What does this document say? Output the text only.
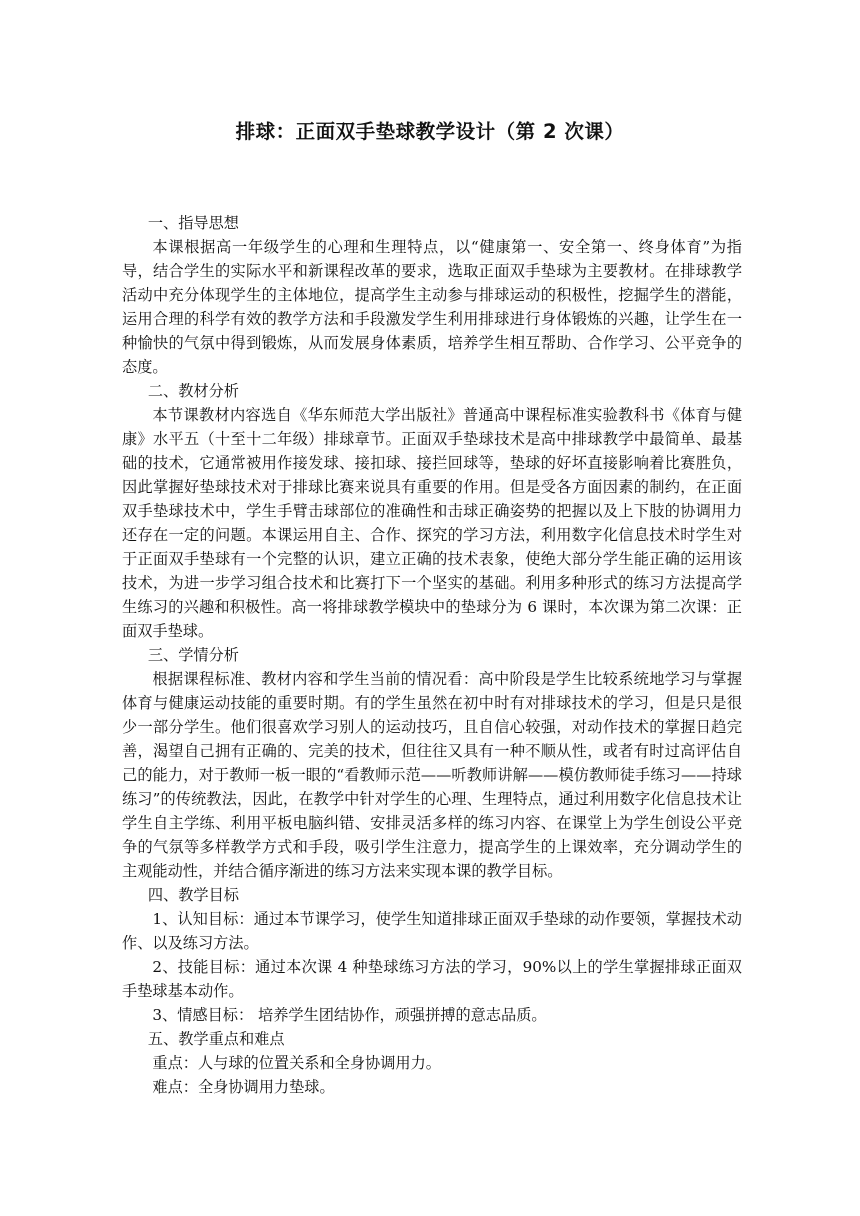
排球：正面双手垫球教学设计（第 2 次课）

一、指导思想

本课根据高一年级学生的心理和生理特点，以“健康第一、安全第一、终身体育”为指导，结合学生的实际水平和新课程改革的要求，选取正面双手垫球为主要教材。在排球教学活动中充分体现学生的主体地位，提高学生主动参与排球运动的积极性，挖掘学生的潜能，运用合理的科学有效的教学方法和手段激发学生利用排球进行身体锻炼的兴趣，让学生在一种愉快的气氛中得到锻炼，从而发展身体素质，培养学生相互帮助、合作学习、公平竞争的态度。

二、教材分析

本节课教材内容选自《华东师范大学出版社》普通高中课程标准实验教科书《体育与健康》水平五（十至十二年级）排球章节。正面双手垫球技术是高中排球教学中最简单、最基础的技术，它通常被用作接发球、接扣球、接拦回球等，垫球的好坏直接影响着比赛胜负，因此掌握好垫球技术对于排球比赛来说具有重要的作用。但是受各方面因素的制约，在正面双手垫球技术中，学生手臂击球部位的准确性和击球正确姿势的把握以及上下肢的协调用力还存在一定的问题。本课运用自主、合作、探究的学习方法，利用数字化信息技术时学生对于正面双手垫球有一个完整的认识，建立正确的技术表象，使绝大部分学生能正确的运用该技术，为进一步学习组合技术和比赛打下一个坚实的基础。利用多种形式的练习方法提高学生练习的兴趣和积极性。高一将排球教学模块中的垫球分为 6 课时，本次课为第二次课：正面双手垫球。

三、学情分析

根据课程标准、教材内容和学生当前的情况看：高中阶段是学生比较系统地学习与掌握体育与健康运动技能的重要时期。有的学生虽然在初中时有对排球技术的学习，但是只是很少一部分学生。他们很喜欢学习别人的运动技巧，且自信心较强，对动作技术的掌握日趋完善，渴望自己拥有正确的、完美的技术，但往往又具有一种不顺从性，或者有时过高评估自己的能力，对于教师一板一眼的“看教师示范——听教师讲解——模仿教师徒手练习——持球练习”的传统教法，因此，在教学中针对学生的心理、生理特点，通过利用数字化信息技术让学生自主学练、利用平板电脑纠错、安排灵活多样的练习内容、在课堂上为学生创设公平竞争的气氛等多样教学方式和手段，吸引学生注意力，提高学生的上课效率，充分调动学生的主观能动性，并结合循序渐进的练习方法来实现本课的教学目标。

四、教学目标

1、认知目标：通过本节课学习，使学生知道排球正面双手垫球的动作要领，掌握技术动作、以及练习方法。

2、技能目标：通过本次课 4 种垫球练习方法的学习，90%以上的学生掌握排球正面双手垫球基本动作。

3、情感目标： 培养学生团结协作，顽强拼搏的意志品质。

五、教学重点和难点

重点：人与球的位置关系和全身协调用力。

难点：全身协调用力垫球。
